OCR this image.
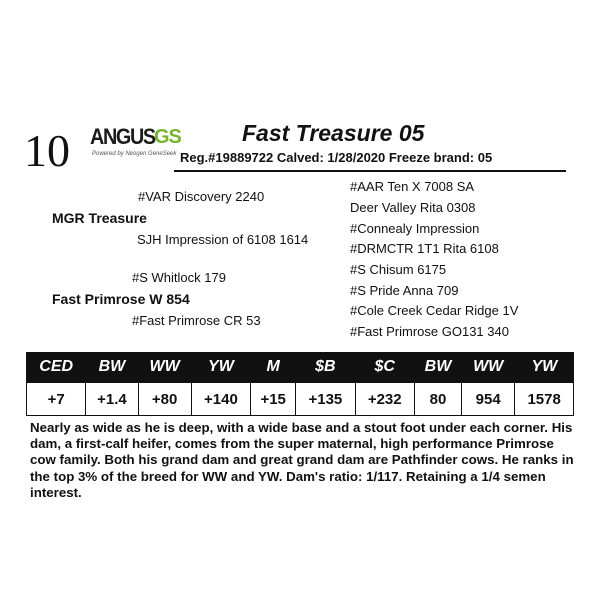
10 ANGUS GS
Powered by Neogen GeneSeek
Fast Treasure 05
Reg.#19889722 Calved: 1/28/2020 Freeze brand: 05
#VAR Discovery 2240
MGR Treasure
SJH Impression of 6108 1614
#S Whitlock 179
Fast Primrose W 854
#Fast Primrose CR 53
#AAR Ten X 7008 SA
Deer Valley Rita 0308
#Connealy Impression
#DRMCTR 1T1 Rita 6108
#S Chisum 6175
#S Pride Anna 709
#Cole Creek Cedar Ridge 1V
#Fast Primrose GO131 340
CED	BW	WW	YW	M	$B	$C	BW	WW	YW
+7	+1.4	+80	+140	+15	+135	+232	80	954	1578
Nearly as wide as he is deep, with a wide base and a stout foot under each corner. His dam, a first-calf heifer, comes from the super maternal, high performance Primrose cow family. Both his grand dam and great grand dam are Pathfinder cows. He ranks in the top 3% of the breed for WW and YW. Dam's ratio: 1/117. Retaining a 1/4 semen interest.
